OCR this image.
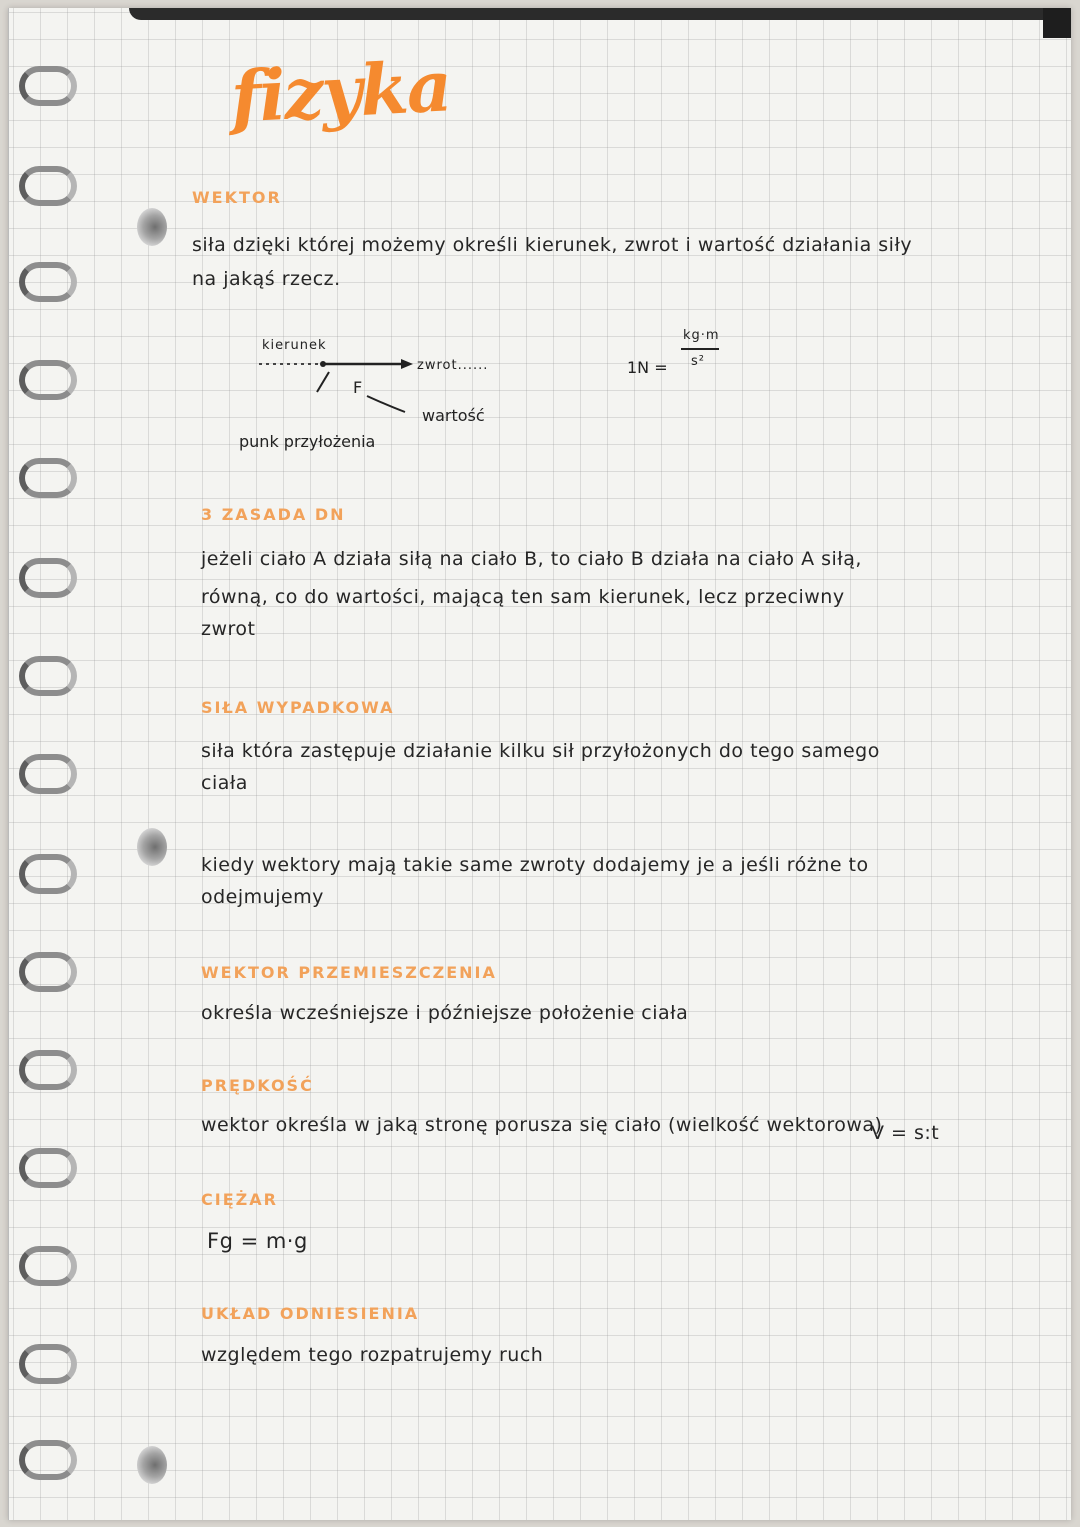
fizyka
WEKTOR
siła dzięki której możemy określi kierunek, zwrot i wartość działania siły
na jakąś rzecz.
kierunek
F
zwrot......
wartość
punk przyłożenia
1N =
kg·m
s²
3 ZASADA DN
jeżeli ciało A działa siłą na ciało B, to ciało B działa na ciało A siłą,
równą, co do wartości, mającą ten sam kierunek, lecz przeciwny
zwrot
SIŁA WYPADKOWA
siła która zastępuje działanie kilku sił przyłożonych do tego samego
ciała
kiedy wektory mają takie same zwroty dodajemy je a jeśli różne to
odejmujemy
WEKTOR PRZEMIESZCZENIA
określa wcześniejsze i późniejsze położenie ciała
PRĘDKOŚĆ
wektor określa w jaką stronę porusza się ciało (wielkość wektorowa)
V = s:t
CIĘŻAR
Fg = m·g
UKŁAD ODNIESIENIA
względem tego rozpatrujemy ruch
